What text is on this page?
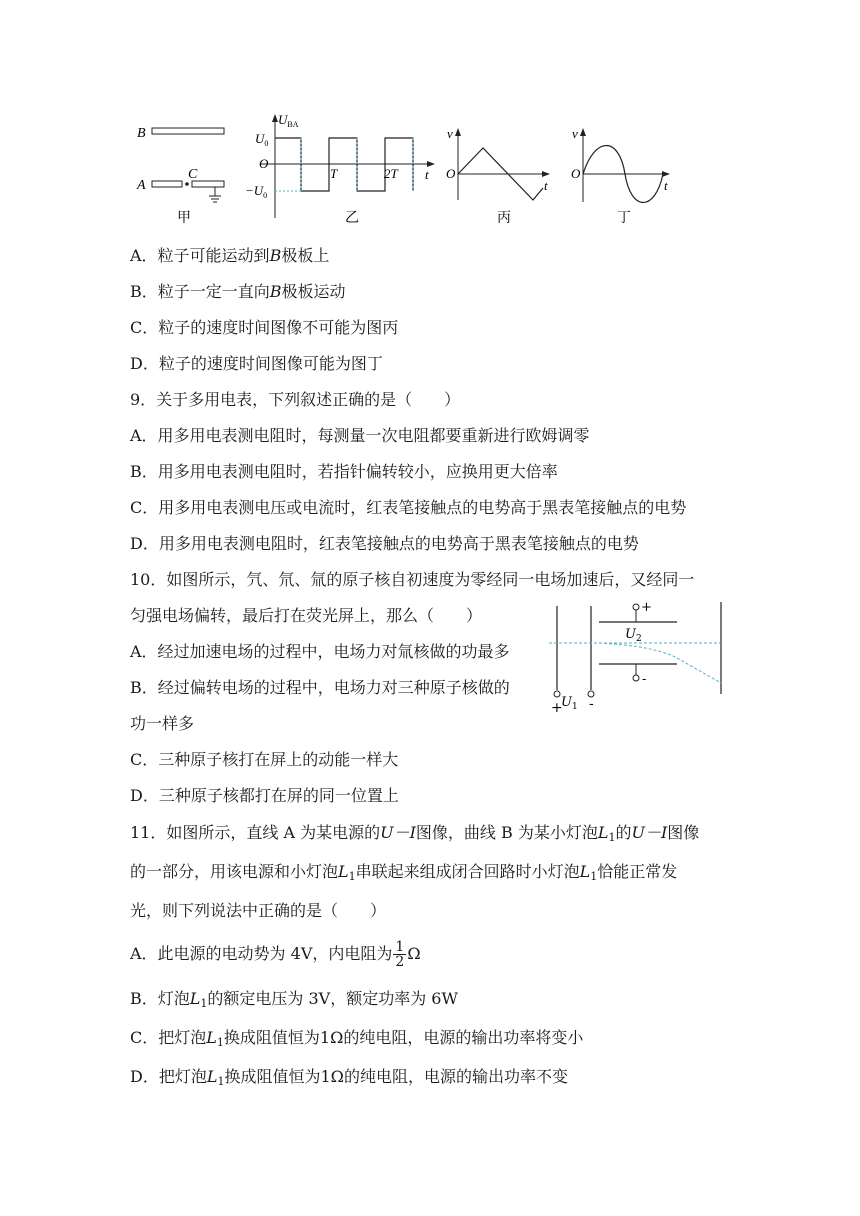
B
A
C
甲
$U_{BA}$
$U_0$
O
$-U_0$
T	2T t
乙
v
O
t
丙
v
O
t
丁
A．粒子可能运动到B极板上
B．粒子一定一直向B极板运动
C．粒子的速度时间图像不可能为图丙
D．粒子的速度时间图像可能为图丁
9．关于多用电表，下列叙述正确的是（　　）
A．用多用电表测电阻时，每测量一次电阻都要重新进行欧姆调零
B．用多用电表测电阻时，若指针偏转较小，应换用更大倍率
C．用多用电表测电压或电流时，红表笔接触点的电势高于黑表笔接触点的电势
D．用多用电表测电阻时，红表笔接触点的电势高于黑表笔接触点的电势
10．如图所示，氕、氘、氚的原子核自初速度为零经同一电场加速后，又经同一
匀强电场偏转，最后打在荧光屏上，那么（　　）
A．经过加速电场的过程中，电场力对氚核做的功最多
B．经过偏转电场的过程中，电场力对三种原子核做的
功一样多
C．三种原子核打在屏上的动能一样大
D．三种原子核都打在屏的同一位置上
+
$U_1$ -
+
-
$U_2$
11．如图所示，直线 A 为某电源的U－I图像，曲线 B 为某小灯泡$L_1$的U－I图像
的一部分，用该电源和小灯泡$L_1$串联起来组成闭合回路时小灯泡$L_1$恰能正常发
光，则下列说法中正确的是（　　）
A．此电源的电动势为 4V，内电阻为 $\frac{1}{2}$ Ω
B．灯泡$L_1$的额定电压为 3V，额定功率为 6W
C．把灯泡$L_1$换成阻值恒为1Ω的纯电阻，电源的输出功率将变小
D．把灯泡$L_1$换成阻值恒为1Ω的纯电阻，电源的输出功率不变
